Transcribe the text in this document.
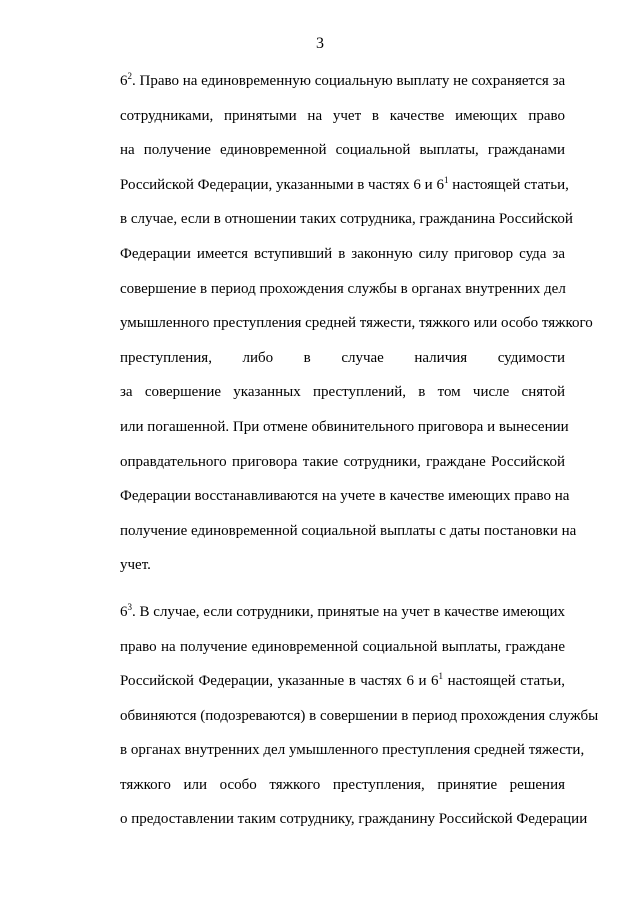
3

$6^2$. Право на единовременную социальную выплату не сохраняется за
сотрудниками, принятыми на учет в качестве имеющих право
на получение единовременной социальной выплаты, гражданами
Российской Федерации, указанными в частях 6 и $6^1$ настоящей статьи,
в случае, если в отношении таких сотрудника, гражданина Российской
Федерации имеется вступивший в законную силу приговор суда за
совершение в период прохождения службы в органах внутренних дел
умышленного преступления средней тяжести, тяжкого или особо тяжкого
преступления, либо в случае наличия судимости
за совершение указанных преступлений, в том числе снятой
или погашенной. При отмене обвинительного приговора и вынесении
оправдательного приговора такие сотрудники, граждане Российской
Федерации восстанавливаются на учете в качестве имеющих право на
получение единовременной социальной выплаты с даты постановки на
учет.

$6^3$. В случае, если сотрудники, принятые на учет в качестве имеющих
право на получение единовременной социальной выплаты, граждане
Российской Федерации, указанные в частях 6 и $6^1$ настоящей статьи,
обвиняются (подозреваются) в совершении в период прохождения службы
в органах внутренних дел умышленного преступления средней тяжести,
тяжкого или особо тяжкого преступления, принятие решения
о предоставлении таким сотруднику, гражданину Российской Федерации
